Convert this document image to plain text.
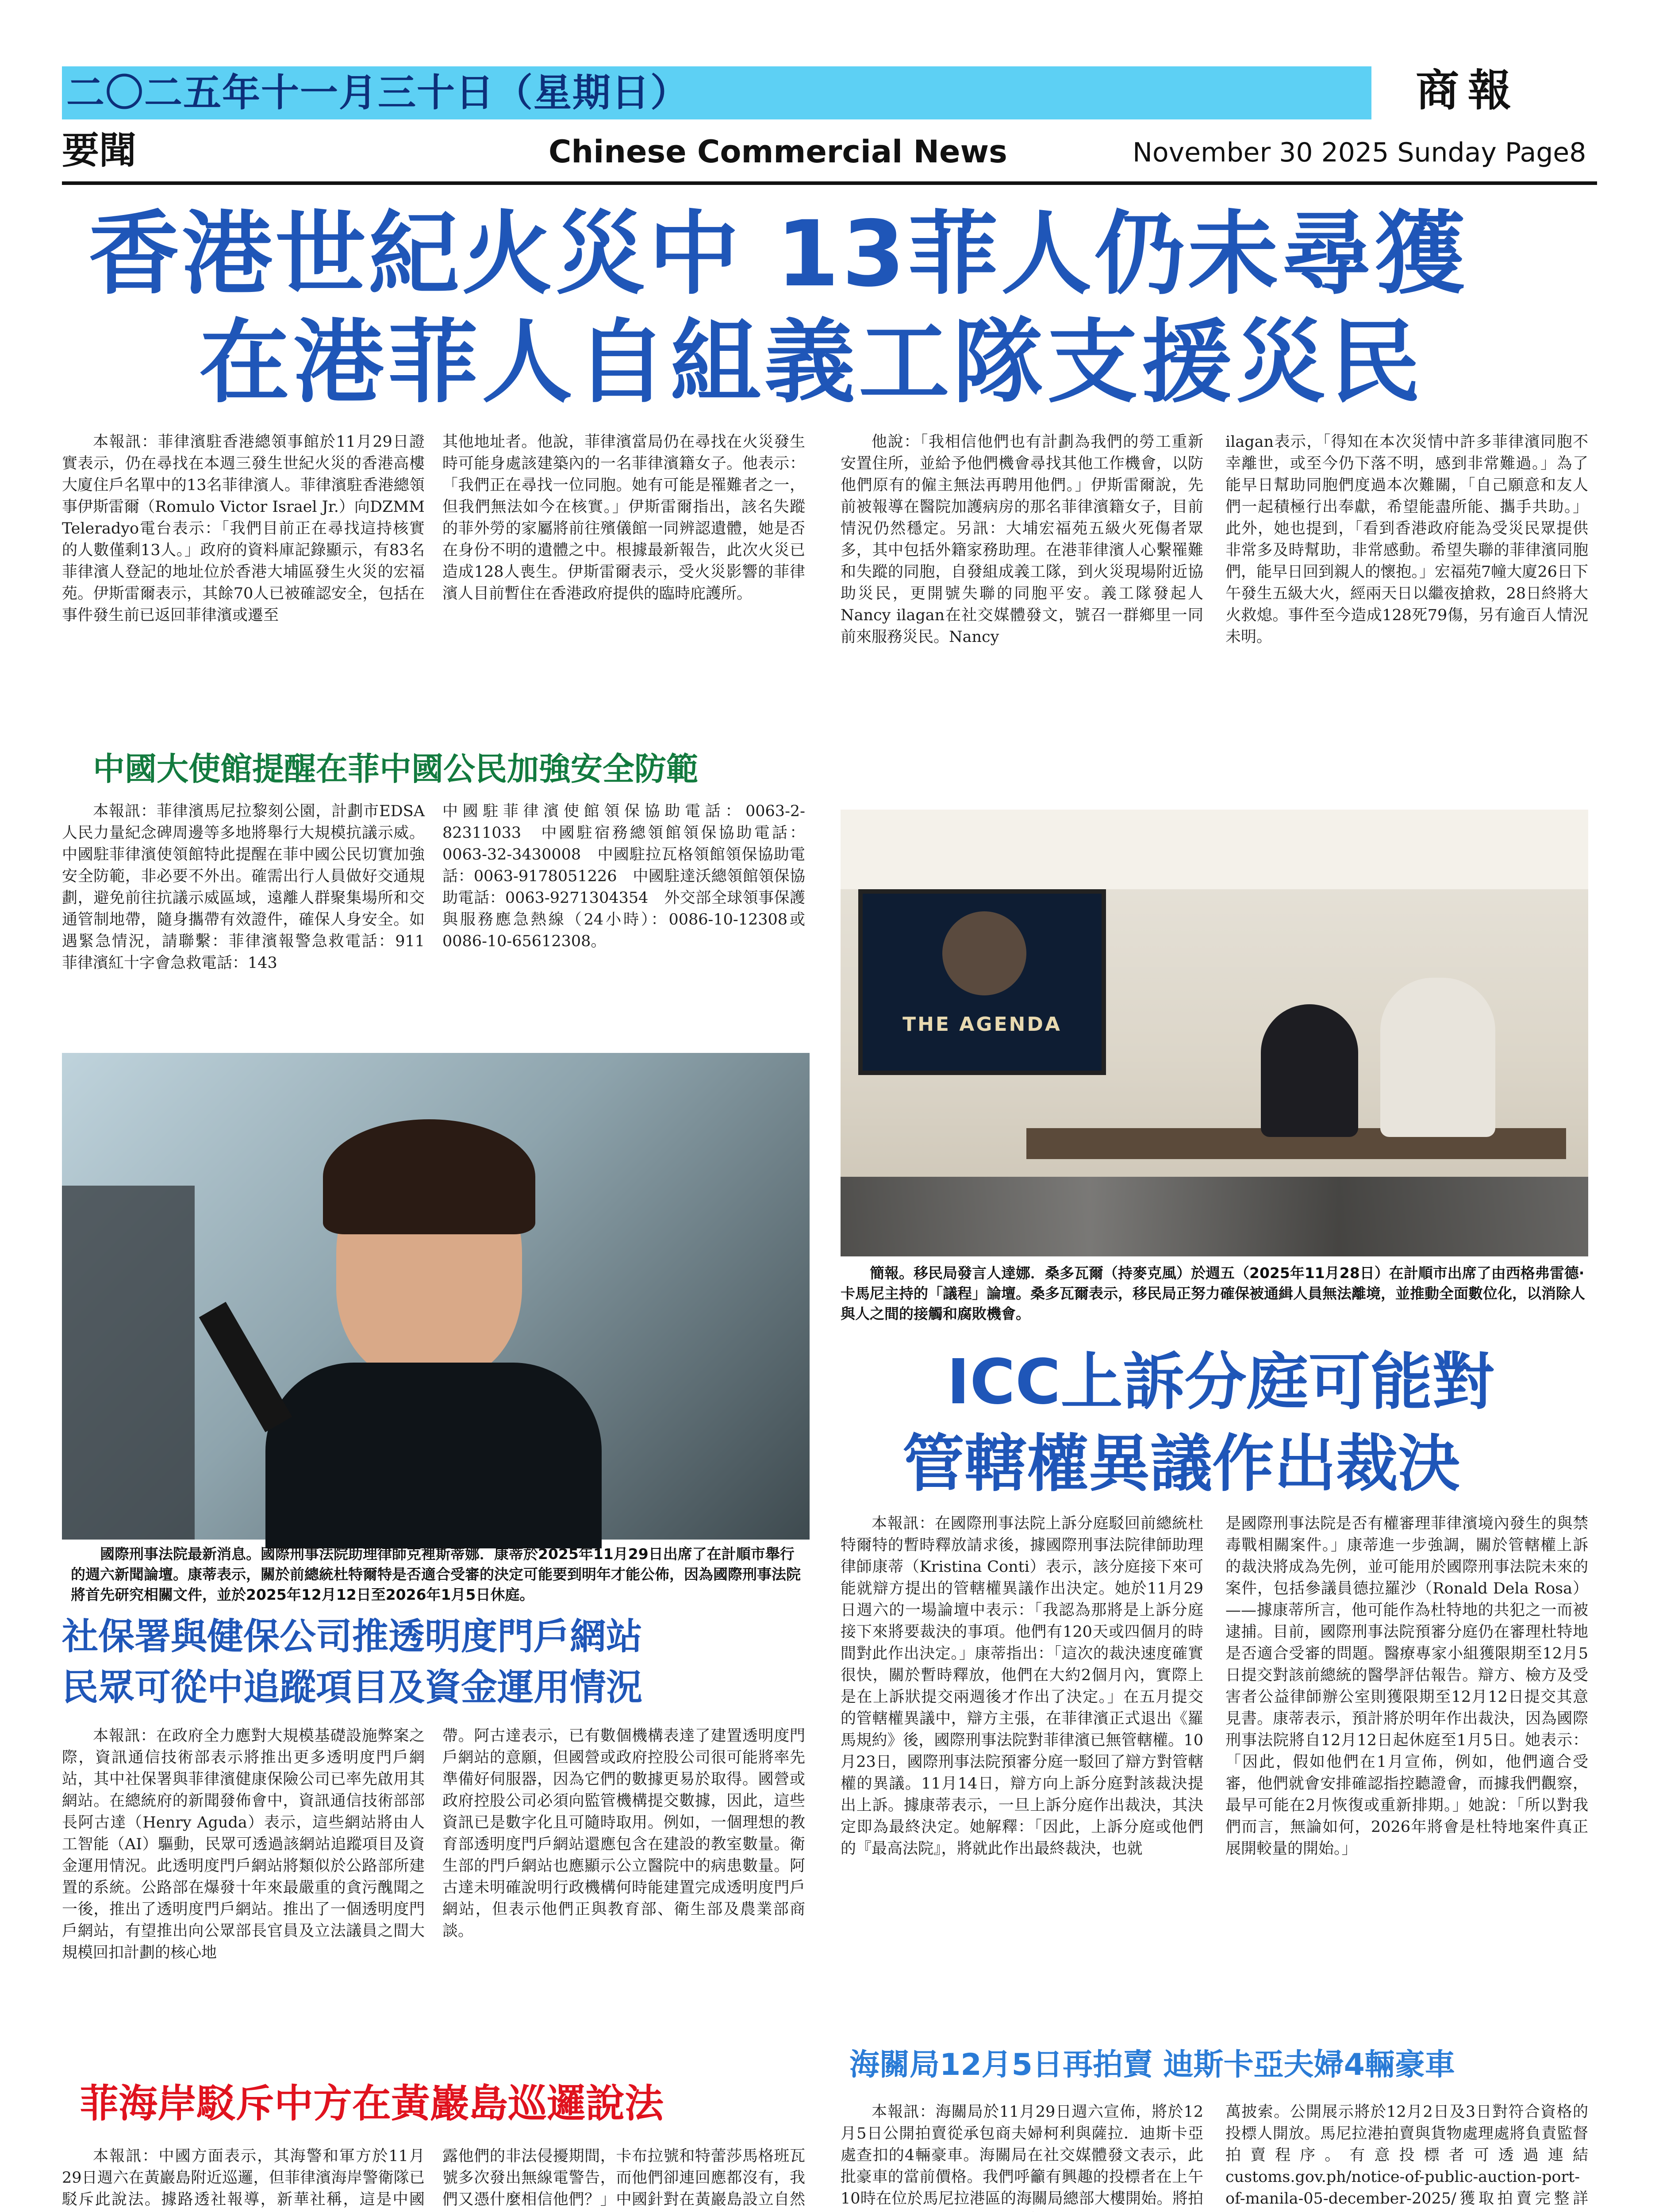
二〇二五年十一月三十日（星期日）	商報
要聞	Chinese Commercial News	November 30 2025 Sunday Page8
香港世紀火災中 13菲人仍未尋獲
在港菲人自組義工隊支援災民
本報訊：菲律濱駐香港總領事館於11月29日證實表示，仍在尋找在本週三發生世紀火災的香港高樓大廈住戶名單中的13名菲律濱人。菲律濱駐香港總領事伊斯雷爾（Romulo Victor Israel Jr.）向DZMM Teleradyo電台表示：「我們目前正在尋找這持核實的人數僅剩13人。」政府的資料庫記錄顯示，有83名菲律濱人登記的地址位於香港大埔區發生火災的宏福苑。伊斯雷爾表示，其餘70人已被確認安全，包括在事件發生前已返回菲律濱或遷至
其他地址者。他說，菲律濱當局仍在尋找在火災發生時可能身處該建築內的一名菲律濱籍女子。他表示：「我們正在尋找一位同胞。她有可能是罹難者之一，但我們無法如今在核實。」伊斯雷爾指出，該名失蹤的菲外勞的家屬將前往殯儀館一同辨認遺體，她是否在身份不明的遺體之中。根據最新報告，此次火災已造成128人喪生。伊斯雷爾表示，受火災影響的菲律濱人目前暫住在香港政府提供的臨時庇護所。
他說：「我相信他們也有計劃為我們的勞工重新安置住所，並給予他們機會尋找其他工作機會，以防他們原有的僱主無法再聘用他們。」伊斯雷爾說，先前被報導在醫院加護病房的那名菲律濱籍女子，目前情況仍然穩定。另訊：大埔宏福苑五級火死傷者眾多，其中包括外籍家務助理。在港菲律濱人心繫罹難和失蹤的同胞，自發組成義工隊，到火災現場附近協助災民，更開號失聯的同胞平安。義工隊發起人Nancy ilagan在社交媒體發文，號召一群鄉里一同前來服務災民。Nancy
ilagan表示，「得知在本次災情中許多菲律濱同胞不幸離世，或至今仍下落不明，感到非常難過。」為了能早日幫助同胞們度過本次難關，「自己願意和友人們一起積極行出奉獻，希望能盡所能、攜手共助。」此外，她也提到，「看到香港政府能為受災民眾提供非常多及時幫助，非常感動。希望失聯的菲律濱同胞們，能早日回到親人的懷抱。」宏福苑7幢大廈26日下午發生五級大火，經兩天日以繼夜搶救，28日終將大火救熄。事件至今造成128死79傷，另有逾百人情況未明。
中國大使館提醒在菲中國公民加強安全防範
本報訊：菲律濱馬尼拉黎刻公園，計劃市EDSA人民力量紀念碑周邊等多地將舉行大規模抗議示威。中國駐菲律濱使領館特此提醒在菲中國公民切實加強安全防範，非必要不外出。確需出行人員做好交通規劃，避免前往抗議示威區域，遠離人群聚集場所和交通管制地帶，隨身攜帶有效證件，確保人身安全。如遇緊急情況，請聯繫：菲律濱報警急救電話：911　菲律濱紅十字會急救電話：143
中國駐菲律濱使館領保協助電話：0063-2-82311033　中國駐宿務總領館領保協助電話：0063-32-3430008　中國駐拉瓦格領館領保協助電話：0063-9178051226　中國駐達沃總領館領保協助電話：0063-9271304354　外交部全球領事保護與服務應急熱線（24小時）：0086-10-12308或0086-10-65612308。
THE AGENDA
簡報。移民局發言人達娜．桑多瓦爾（持麥克風）於週五（2025年11月28日）在計順市出席了由西格弗雷德·卡馬尼主持的「議程」論壇。桑多瓦爾表示，移民局正努力確保被通緝人員無法離境，並推動全面數位化，以消除人與人之間的接觸和腐敗機會。
國際刑事法院最新消息。國際刑事法院助理律師克裡斯蒂娜．康蒂於2025年11月29日出席了在計順市舉行的週六新聞論壇。康蒂表示，關於前總統杜特爾特是否適合受審的決定可能要到明年才能公佈，因為國際刑事法院將首先研究相關文件，並於2025年12月12日至2026年1月5日休庭。
ICC上訴分庭可能對
管轄權異議作出裁決
本報訊：在國際刑事法院上訴分庭駁回前總統杜特爾特的暫時釋放請求後，據國際刑事法院律師助理律師康蒂（Kristina Conti）表示，該分庭接下來可能就辯方提出的管轄權異議作出決定。她於11月29日週六的一場論壇中表示：「我認為那將是上訴分庭接下來將要裁決的事項。他們有120天或四個月的時間對此作出決定。」康蒂指出：「這次的裁決速度確實很快，關於暫時釋放，他們在大約2個月內，實際上是在上訴狀提交兩週後才作出了決定。」在五月提交的管轄權異議中，辯方主張，在菲律濱正式退出《羅馬規約》後，國際刑事法院對菲律濱已無管轄權。10月23日，國際刑事法院預審分庭一駁回了辯方對管轄權的異議。11月14日，辯方向上訴分庭對該裁決提出上訴。據康蒂表示，一旦上訴分庭作出裁決，其決定即為最終決定。她解釋：「因此，上訴分庭或他們的『最高法院』，將就此作出最終裁決，也就
是國際刑事法院是否有權審理菲律濱境內發生的與禁毒戰相關案件。」康蒂進一步強調，關於管轄權上訴的裁決將成為先例，並可能用於國際刑事法院未來的案件，包括參議員德拉羅沙（Ronald Dela Rosa）——據康蒂所言，他可能作為杜特地的共犯之一而被逮捕。目前，國際刑事法院預審分庭仍在審理杜特地是否適合受審的問題。醫療專家小組獲限期至12月5日提交對該前總統的醫學評估報告。辯方、檢方及受害者公益律師辦公室則獲限期至12月12日提交其意見書。康蒂表示，預計將於明年作出裁決，因為國際刑事法院將自12月12日起休庭至1月5日。她表示：「因此，假如他們在1月宣佈，例如，他們適合受審，他們就會安排確認指控聽證會，而據我們觀察，最早可能在2月恢復或重新排期。」她說：「所以對我們而言，無論如何，2026年將會是杜特地案件真正展開較量的開始。」
社保署與健保公司推透明度門戶網站
民眾可從中追蹤項目及資金運用情況
本報訊：在政府全力應對大規模基礎設施弊案之際，資訊通信技術部表示將推出更多透明度門戶網站，其中社保署與菲律濱健康保險公司已率先啟用其網站。在總統府的新聞發佈會中，資訊通信技術部部長阿古達（Henry Aguda）表示，這些網站將由人工智能（AI）驅動，民眾可透過該網站追蹤項目及資金運用情況。此透明度門戶網站將類似於公路部所建置的系統。公路部在爆發十年來最嚴重的貪污醜聞之一後，推出了透明度門戶網站。推出了一個透明度門戶網站，有望推出向公眾部長官員及立法議員之間大規模回扣計劃的核心地
帶。阿古達表示，已有數個機構表達了建置透明度門戶網站的意願，但國營或政府控股公司很可能將率先準備好伺服器，因為它們的數據更易於取得。國營或政府控股公司必須向監管機構提交數據，因此，這些資訊已是數字化且可隨時取用。例如，一個理想的教育部透明度門戶網站還應包含在建設的教室數量。衛生部的門戶網站也應顯示公立醫院中的病患數量。阿古達未明確說明行政機構何時能建置完成透明度門戶網站，但表示他們正與教育部、衛生部及農業部商談。
海關局12月5日再拍賣 迪斯卡亞夫婦4輛豪車
本報訊：海關局於11月29日週六宣佈，將於12月5日公開拍賣從承包商夫婦柯利與薩拉．迪斯卡亞處查扣的4輛豪車。海關局在社交媒體發文表示，此批豪車的當前價格。我們呼籲有興趣的投標者在上午10時在位於馬尼拉港區的海關局總部大樓開始。將拍
萬披索。公開展示將於12月2日及3日對符合資格的投標人開放。馬尼拉港拍賣與貨物處理處將負責監督拍賣程序。有意投標者可透過連結customs.gov.ph/notice-of-public-auction-port-of-manila-05-december-2025/獲取拍賣完整詳
菲海岸駁斥中方在黃巖島巡邏說法
本報訊：中國方面表示，其海警和軍方於11月29日週六在黃巖島附近巡邏，但菲律濱海岸警衛隊已駁斥此說法。據路透社報導，新華社稱，這是中國
露他們的非法侵擾期間，卡布拉號和特蕾莎馬格班瓦號多次發出無線電警告，而他們卻連回應都沒有，我們又憑什麼相信他們？」中國針對在黃巖島設立自然
